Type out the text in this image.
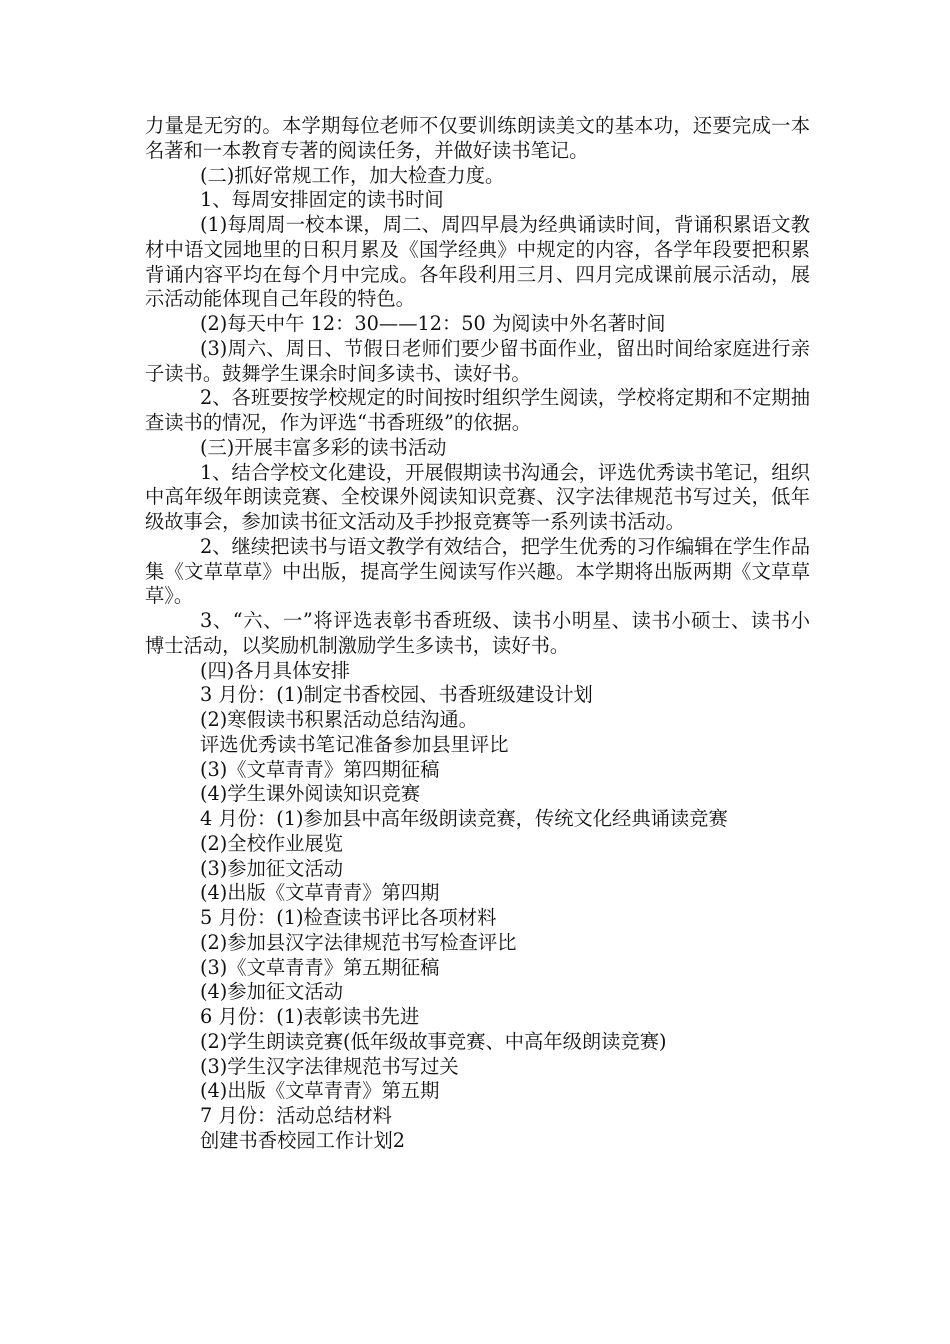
力量是无穷的。本学期每位老师不仅要训练朗读美文的基本功，还要完成一本名著和一本教育专著的阅读任务，并做好读书笔记。

(二)抓好常规工作，加大检查力度。

1、每周安排固定的读书时间

(1)每周周一校本课，周二、周四早晨为经典诵读时间，背诵积累语文教材中语文园地里的日积月累及《国学经典》中规定的内容，各学年段要把积累背诵内容平均在每个月中完成。各年段利用三月、四月完成课前展示活动，展示活动能体现自己年段的特色。

(2)每天中午 12：30——12：50 为阅读中外名著时间

(3)周六、周日、节假日老师们要少留书面作业，留出时间给家庭进行亲子读书。鼓舞学生课余时间多读书、读好书。

2、各班要按学校规定的时间按时组织学生阅读，学校将定期和不定期抽查读书的情况，作为评选“书香班级”的依据。

(三)开展丰富多彩的读书活动

1、结合学校文化建设，开展假期读书沟通会，评选优秀读书笔记，组织中高年级年朗读竞赛、全校课外阅读知识竞赛、汉字法律规范书写过关，低年级故事会，参加读书征文活动及手抄报竞赛等一系列读书活动。

2、继续把读书与语文教学有效结合，把学生优秀的习作编辑在学生作品集《文草草草》中出版，提高学生阅读写作兴趣。本学期将出版两期《文草草草》。

3、“六、一”将评选表彰书香班级、读书小明星、读书小硕士、读书小博士活动，以奖励机制激励学生多读书，读好书。

(四)各月具体安排

3 月份：(1)制定书香校园、书香班级建设计划

(2)寒假读书积累活动总结沟通。

评选优秀读书笔记准备参加县里评比

(3)《文草青青》第四期征稿

(4)学生课外阅读知识竞赛

4 月份：(1)参加县中高年级朗读竞赛，传统文化经典诵读竞赛

(2)全校作业展览

(3)参加征文活动

(4)出版《文草青青》第四期

5 月份：(1)检查读书评比各项材料

(2)参加县汉字法律规范书写检查评比

(3)《文草青青》第五期征稿

(4)参加征文活动

6 月份：(1)表彰读书先进

(2)学生朗读竞赛(低年级故事竞赛、中高年级朗读竞赛)

(3)学生汉字法律规范书写过关

(4)出版《文草青青》第五期

7 月份：活动总结材料

创建书香校园工作计划2
